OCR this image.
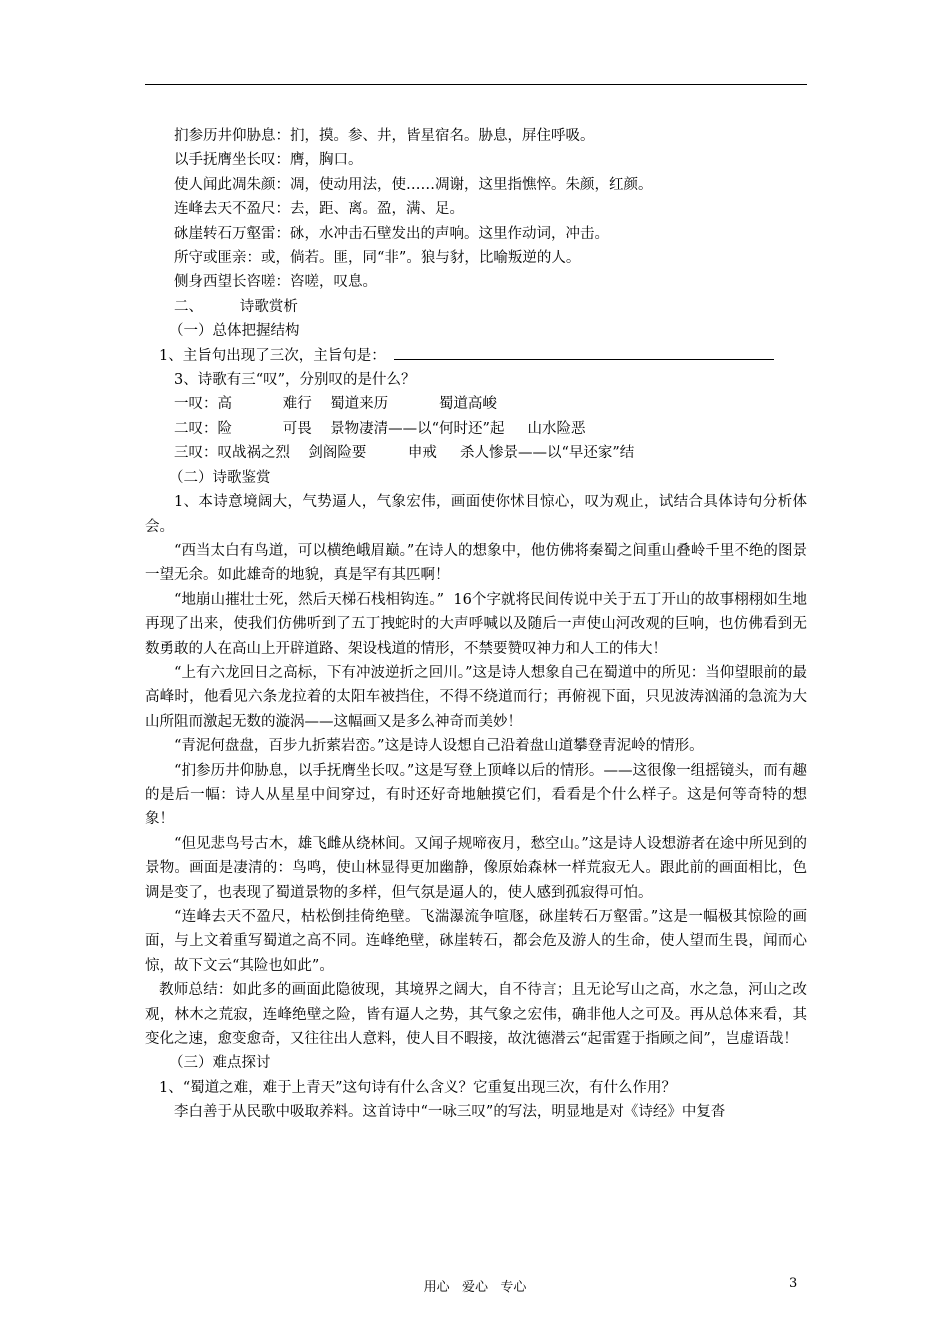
扪参历井仰胁息：扪，摸。参、井，皆星宿名。胁息，屏住呼吸。

以手抚膺坐长叹：膺，胸口。

使人闻此凋朱颜：凋，使动用法，使……凋谢，这里指憔悴。朱颜，红颜。

连峰去天不盈尺：去，距、离。盈，满、足。

砯崖转石万壑雷：砯，水冲击石壁发出的声响。这里作动词，冲击。

所守或匪亲：或，倘若。匪，同“非”。狼与豺，比喻叛逆的人。

侧身西望长咨嗟：咨嗟，叹息。

二、        诗歌赏析

（一）总体把握结构

1、主旨句出现了三次，主旨句是：

3、诗歌有三“叹”，分别叹的是什么？

一叹：高           难行    蜀道来历           蜀道高峻

二叹：险           可畏    景物凄清——以“何时还”起     山水险恶

三叹：叹战祸之烈    剑阁险要         申戒     杀人惨景——以“早还家”结

（二）诗歌鉴赏

1、本诗意境阔大，气势逼人，气象宏伟，画面使你怵目惊心，叹为观止，试结合具体诗句分析体会。

“西当太白有鸟道，可以横绝峨眉巅。”在诗人的想象中，他仿佛将秦蜀之间重山叠岭千里不绝的图景一望无余。如此雄奇的地貌，真是罕有其匹啊！

“地崩山摧壮士死，然后天梯石栈相钩连。”  16个字就将民间传说中关于五丁开山的故事栩栩如生地再现了出来，使我们仿佛听到了五丁拽蛇时的大声呼喊以及随后一声使山河改观的巨响，也仿佛看到无数勇敢的人在高山上开辟道路、架设栈道的情形，不禁要赞叹神力和人工的伟大！

“上有六龙回日之高标，下有冲波逆折之回川。”这是诗人想象自己在蜀道中的所见：当仰望眼前的最高峰时，他看见六条龙拉着的太阳车被挡住，不得不绕道而行；再俯视下面，只见波涛汹涌的急流为大山所阻而激起无数的漩涡——这幅画又是多么神奇而美妙！

“青泥何盘盘，百步九折萦岩峦。”这是诗人设想自己沿着盘山道攀登青泥岭的情形。

“扪参历井仰胁息，以手抚膺坐长叹。”这是写登上顶峰以后的情形。——这很像一组摇镜头，而有趣的是后一幅：诗人从星星中间穿过，有时还好奇地触摸它们，看看是个什么样子。这是何等奇特的想象！

“但见悲鸟号古木，雄飞雌从绕林间。又闻子规啼夜月，愁空山。”这是诗人设想游者在途中所见到的景物。画面是凄清的：鸟鸣，使山林显得更加幽静，像原始森林一样荒寂无人。跟此前的画面相比，色调是变了，也表现了蜀道景物的多样，但气氛是逼人的，使人感到孤寂得可怕。

“连峰去天不盈尺，枯松倒挂倚绝壁。飞湍瀑流争喧豗，砯崖转石万壑雷。”这是一幅极其惊险的画面，与上文着重写蜀道之高不同。连峰绝壁，砯崖转石，都会危及游人的生命，使人望而生畏，闻而心惊，故下文云“其险也如此”。

教师总结：如此多的画面此隐彼现，其境界之阔大，自不待言；且无论写山之高，水之急，河山之改观，林木之荒寂，连峰绝壁之险，皆有逼人之势，其气象之宏伟，确非他人之可及。再从总体来看，其变化之速，愈变愈奇，又往往出人意料，使人目不暇接，故沈德潜云“起雷霆于指顾之间”，岂虚语哉！

（三）难点探讨

1、“蜀道之难，难于上青天”这句诗有什么含义？它重复出现三次，有什么作用？

李白善于从民歌中吸取养料。这首诗中“一咏三叹”的写法，明显地是对《诗经》中复沓

用心   爱心   专心	3
